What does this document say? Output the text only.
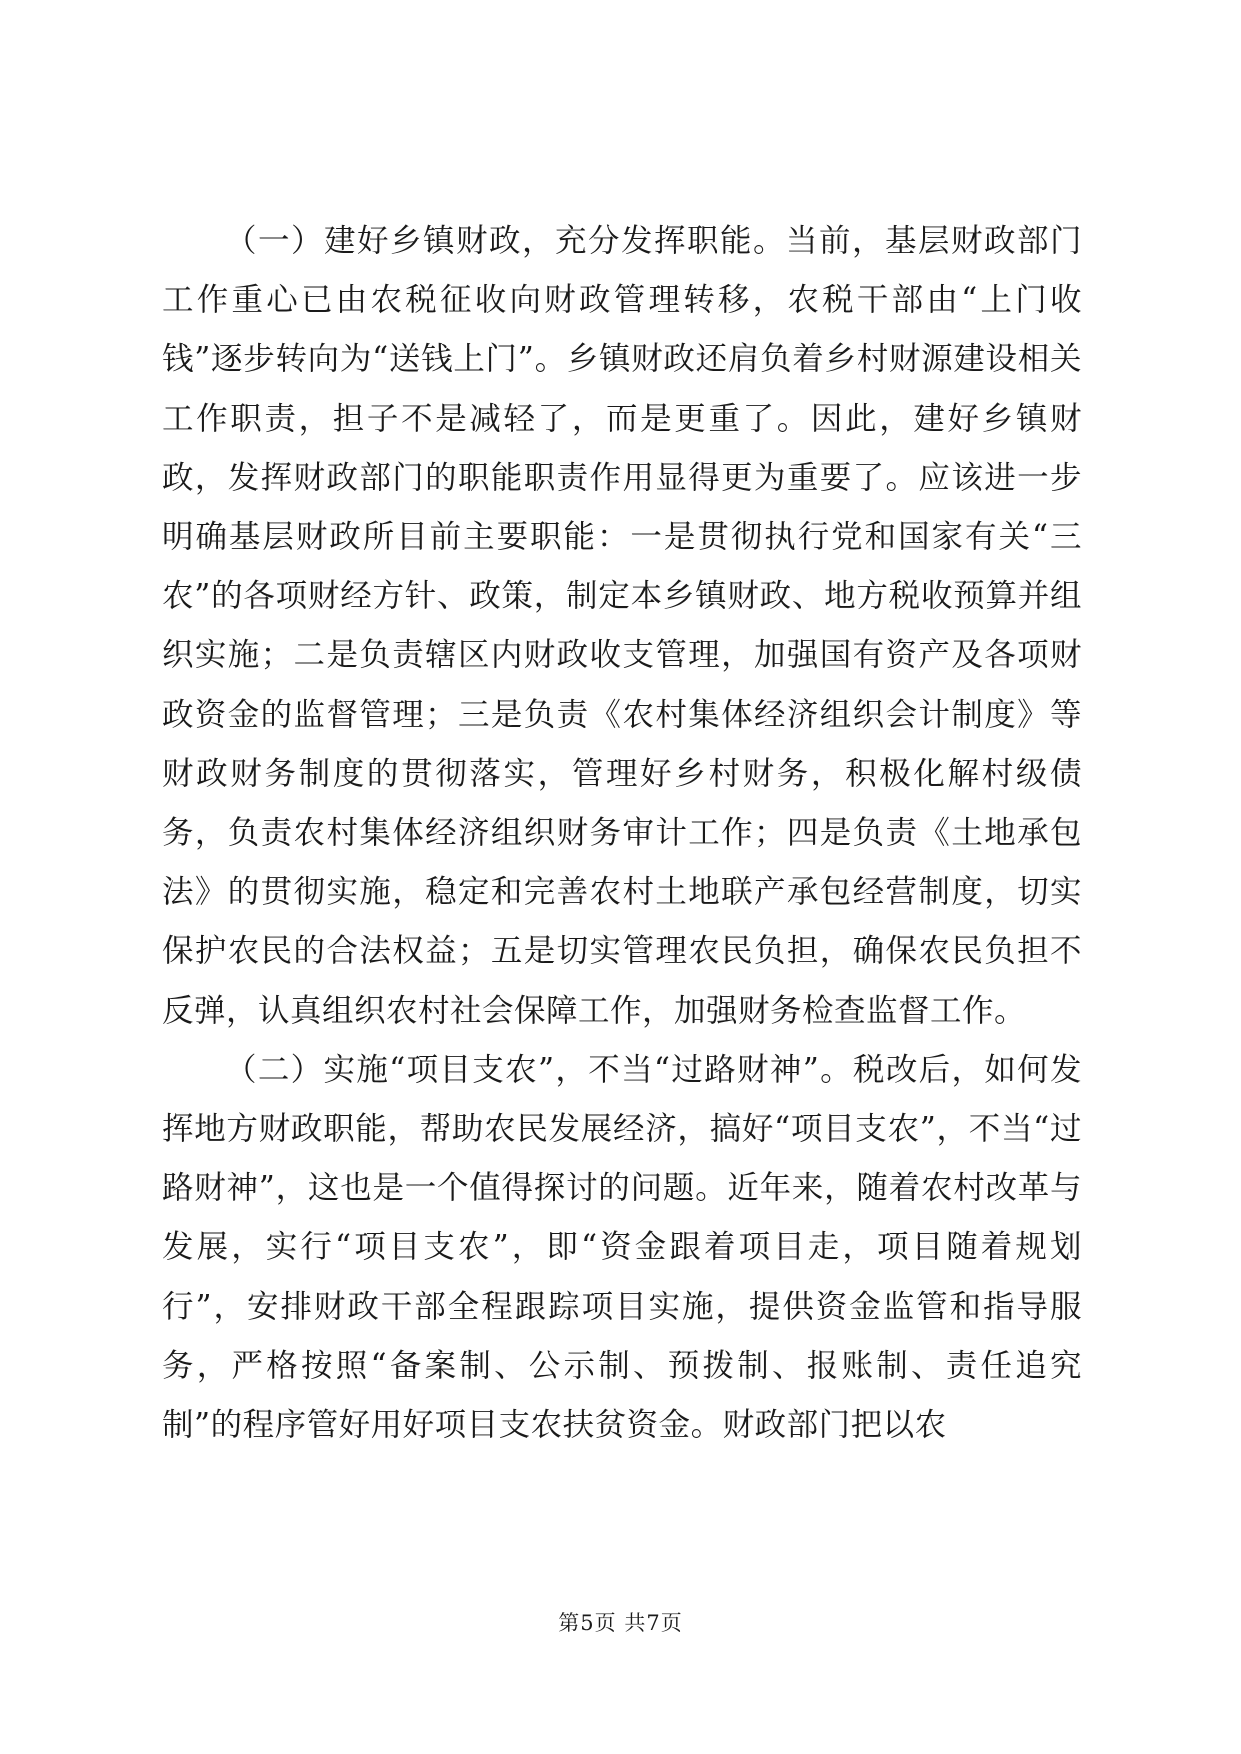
（一）建好乡镇财政，充分发挥职能。当前，基层财政部门工作重心已由农税征收向财政管理转移，农税干部由“上门收钱”逐步转向为“送钱上门”。乡镇财政还肩负着乡村财源建设相关工作职责，担子不是减轻了，而是更重了。因此，建好乡镇财政，发挥财政部门的职能职责作用显得更为重要了。应该进一步明确基层财政所目前主要职能：一是贯彻执行党和国家有关“三农”的各项财经方针、政策，制定本乡镇财政、地方税收预算并组织实施；二是负责辖区内财政收支管理，加强国有资产及各项财政资金的监督管理；三是负责《农村集体经济组织会计制度》等财政财务制度的贯彻落实，管理好乡村财务，积极化解村级债务，负责农村集体经济组织财务审计工作；四是负责《土地承包法》的贯彻实施，稳定和完善农村土地联产承包经营制度，切实保护农民的合法权益；五是切实管理农民负担，确保农民负担不反弹，认真组织农村社会保障工作，加强财务检查监督工作。

（二）实施“项目支农”，不当“过路财神”。税改后，如何发挥地方财政职能，帮助农民发展经济，搞好“项目支农”，不当“过路财神”，这也是一个值得探讨的问题。近年来，随着农村改革与发展，实行“项目支农”，即“资金跟着项目走，项目随着规划行”，安排财政干部全程跟踪项目实施，提供资金监管和指导服务，严格按照“备案制、公示制、预拨制、报账制、责任追究制”的程序管好用好项目支农扶贫资金。财政部门把以农

第5页 共7页
